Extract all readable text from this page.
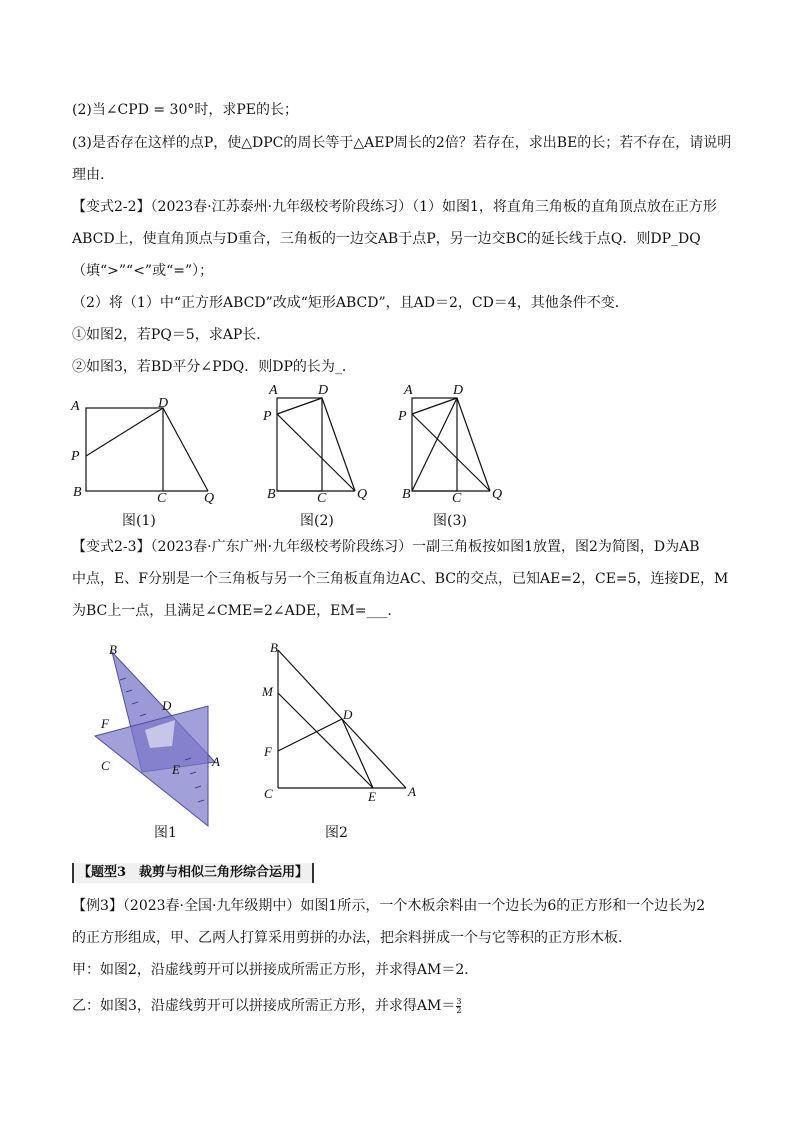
(2)当∠CPD = 30°时，求PE的长；
(3)是否存在这样的点P，使△DPC的周长等于△AEP周长的2倍？若存在，求出BE的长；若不存在，请说明
理由.
【变式2-2】（2023春·江苏泰州·九年级校考阶段练习）（1）如图1，将直角三角板的直角顶点放在正方形
ABCD上，使直角顶点与D重合，三角板的一边交AB于点P，另一边交BC的延长线于点Q．则DP_DQ
（填“>”“<”或“=”）；
（2）将（1）中“正方形ABCD”改成“矩形ABCD”，且AD＝2，CD＝4，其他条件不变．
①如图2，若PQ＝5，求AP长．
②如图3，若BD平分∠PDQ．则DP的长为_．
A	D
P
B	C	Q
A	D
P
B	C Q
A	D
P
B	C Q
图(1)	图(2)	图(3)
【变式2-3】（2023春·广东广州·九年级校考阶段练习）一副三角板按如图1放置，图2为简图，D为AB
中点，E、F分别是一个三角板与另一个三角板直角边AC、BC的交点，已知AE=2，CE=5，连接DE，M
为BC上一点，且满足∠CME=2∠ADE，EM=___．
B
D
F
C	E
A
B
M
D
F
C	E A
图1	图2
【题型3　裁剪与相似三角形综合运用】
【例3】（2023春·全国·九年级期中）如图1所示，一个木板余料由一个边长为6的正方形和一个边长为2
的正方形组成，甲、乙两人打算采用剪拼的办法，把余料拼成一个与它等积的正方形木板．
甲：如图2，沿虚线剪开可以拼接成所需正方形，并求得AM＝2．
乙：如图3，沿虚线剪开可以拼接成所需正方形，并求得$AM= \frac{3}{2}$
